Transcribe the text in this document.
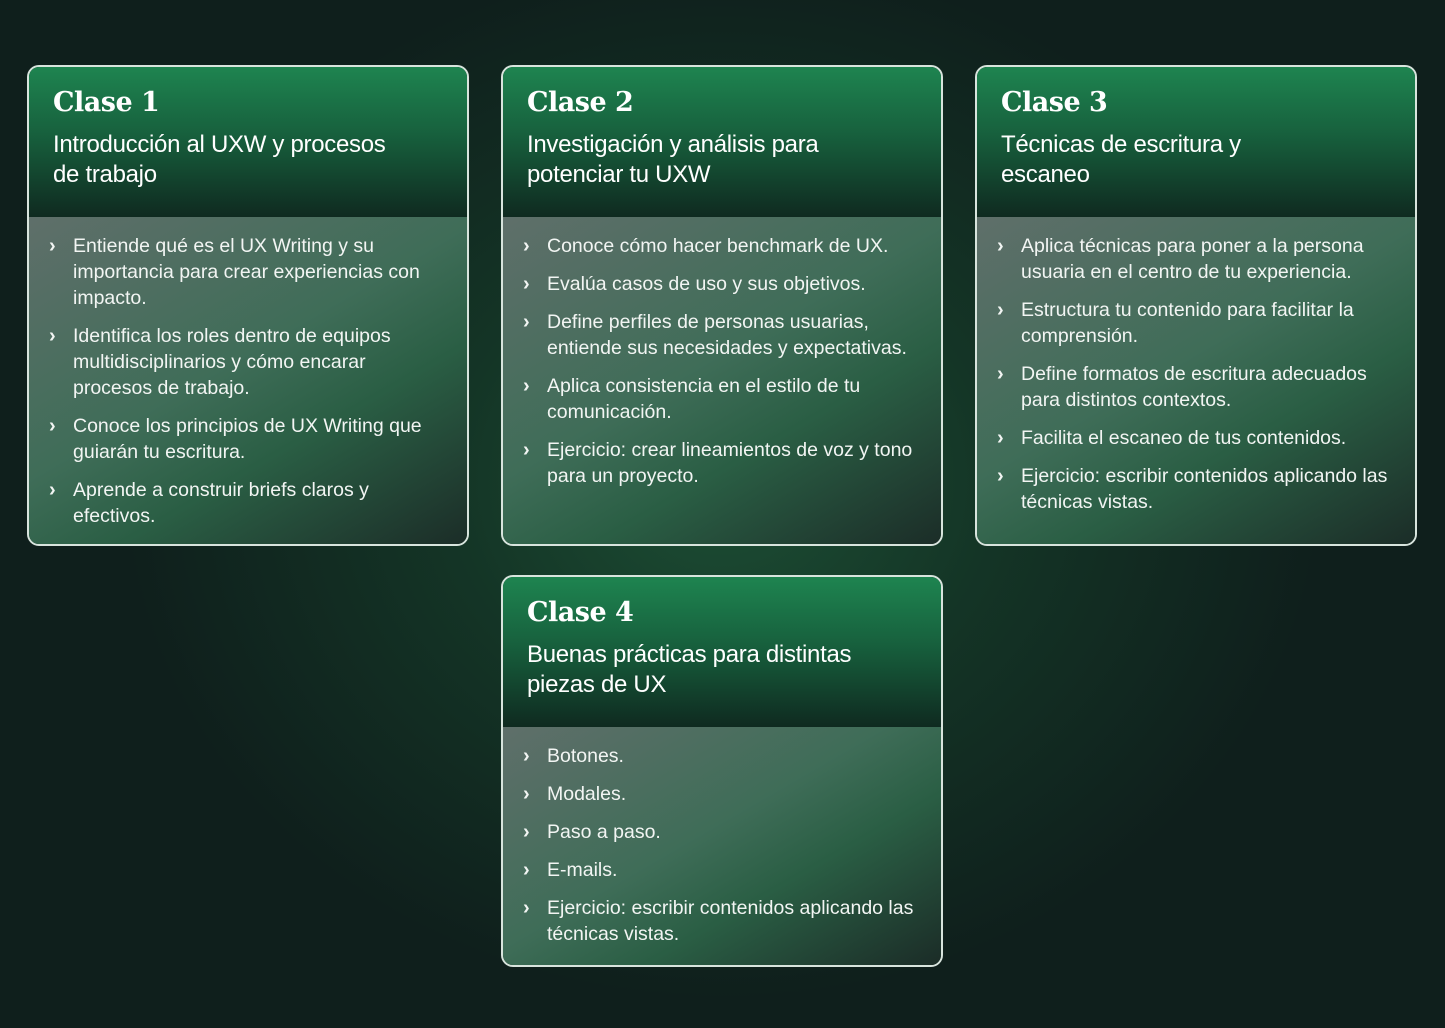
Clase 1
Introducción al UXW y procesos de trabajo
› Entiende qué es el UX Writing y su importancia para crear experiencias con impacto.
› Identifica los roles dentro de equipos multidisciplinarios y cómo encarar procesos de trabajo.
› Conoce los principios de UX Writing que guiarán tu escritura.
› Aprende a construir briefs claros y efectivos.
Clase 2
Investigación y análisis para potenciar tu UXW
› Conoce cómo hacer benchmark de UX.
› Evalúa casos de uso y sus objetivos.
› Define perfiles de personas usuarias, entiende sus necesidades y expectativas.
› Aplica consistencia en el estilo de tu comunicación.
› Ejercicio: crear lineamientos de voz y tono para un proyecto.
Clase 3
Técnicas de escritura y escaneo
› Aplica técnicas para poner a la persona usuaria en el centro de tu experiencia.
› Estructura tu contenido para facilitar la comprensión.
› Define formatos de escritura adecuados para distintos contextos.
› Facilita el escaneo de tus contenidos.
› Ejercicio: escribir contenidos aplicando las técnicas vistas.
Clase 4
Buenas prácticas para distintas piezas de UX
› Botones.
› Modales.
› Paso a paso.
› E-mails.
› Ejercicio: escribir contenidos aplicando las técnicas vistas.
